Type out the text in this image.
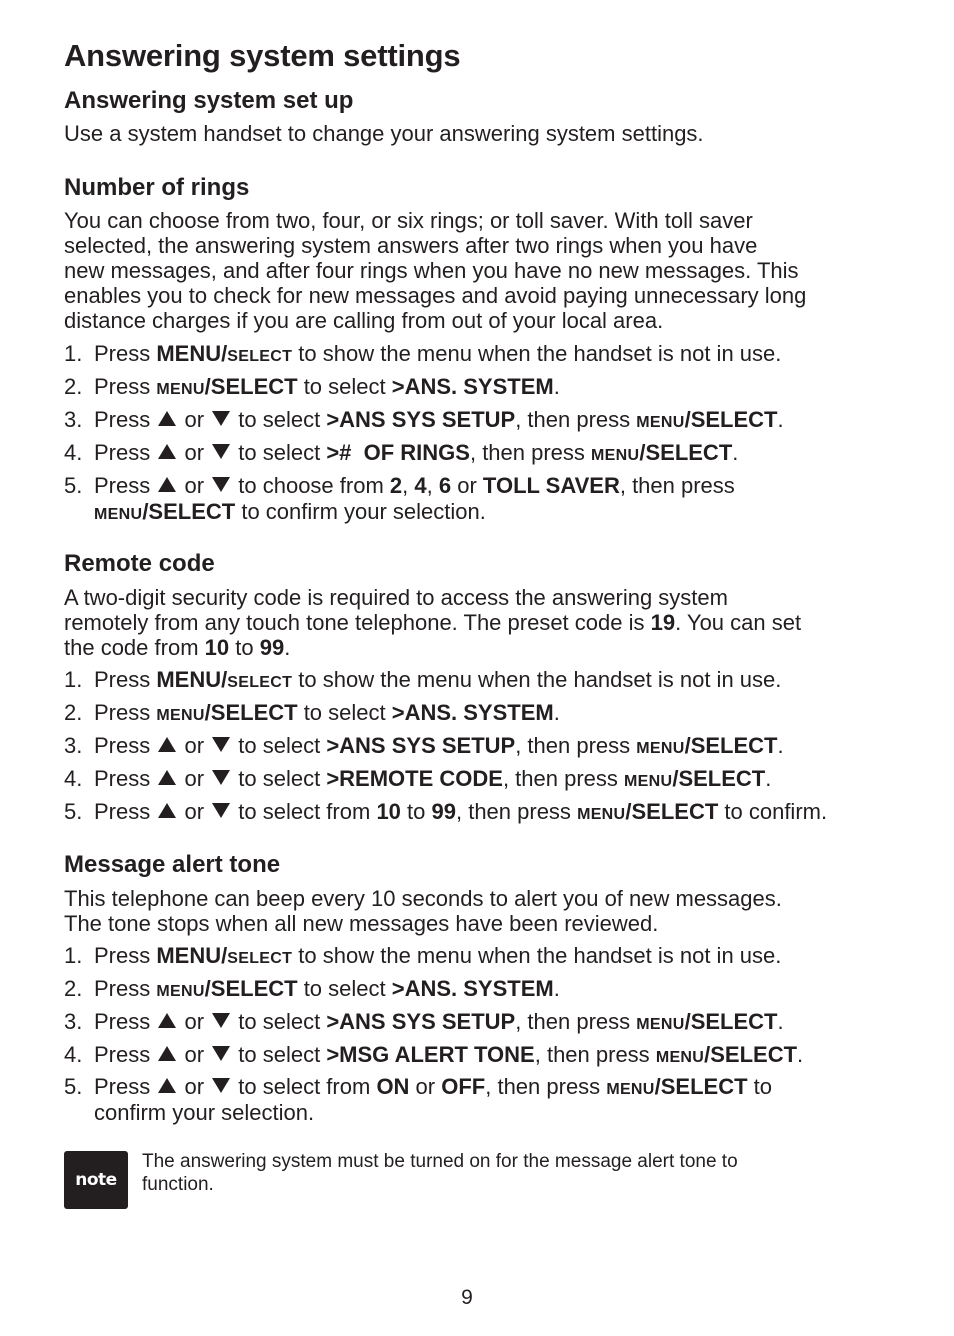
Answering system settings
Answering system set up
Use a system handset to change your answering system settings.
Number of rings
You can choose from two, four, or six rings; or toll saver. With toll saver
selected, the answering system answers after two rings when you have
new messages, and after four rings when you have no new messages. This
enables you to check for new messages and avoid paying unnecessary long
distance charges if you are calling from out of your local area.
1. Press MENU/SELECT to show the menu when the handset is not in use.
2. Press MENU/SELECT to select >ANS. SYSTEM.
3. Press  or  to select >ANS SYS SETUP, then press MENU/SELECT.
4. Press  or  to select >#  OF RINGS, then press MENU/SELECT.
5. Press  or  to choose from 2, 4, 6 or TOLL SAVER, then press
MENU/SELECT to confirm your selection.
Remote code
A two-digit security code is required to access the answering system
remotely from any touch tone telephone. The preset code is 19. You can set
the code from 10 to 99.
1. Press MENU/SELECT to show the menu when the handset is not in use.
2. Press MENU/SELECT to select >ANS. SYSTEM.
3. Press  or  to select >ANS SYS SETUP, then press MENU/SELECT.
4. Press  or  to select >REMOTE CODE, then press MENU/SELECT.
5. Press  or  to select from 10 to 99, then press MENU/SELECT to confirm.
Message alert tone
This telephone can beep every 10 seconds to alert you of new messages.
The tone stops when all new messages have been reviewed.
1. Press MENU/SELECT to show the menu when the handset is not in use.
2. Press MENU/SELECT to select >ANS. SYSTEM.
3. Press  or  to select >ANS SYS SETUP, then press MENU/SELECT.
4. Press  or  to select >MSG ALERT TONE, then press MENU/SELECT.
5. Press  or  to select from ON or OFF, then press MENU/SELECT to
confirm your selection.
note
The answering system must be turned on for the message alert tone to
function.
9
